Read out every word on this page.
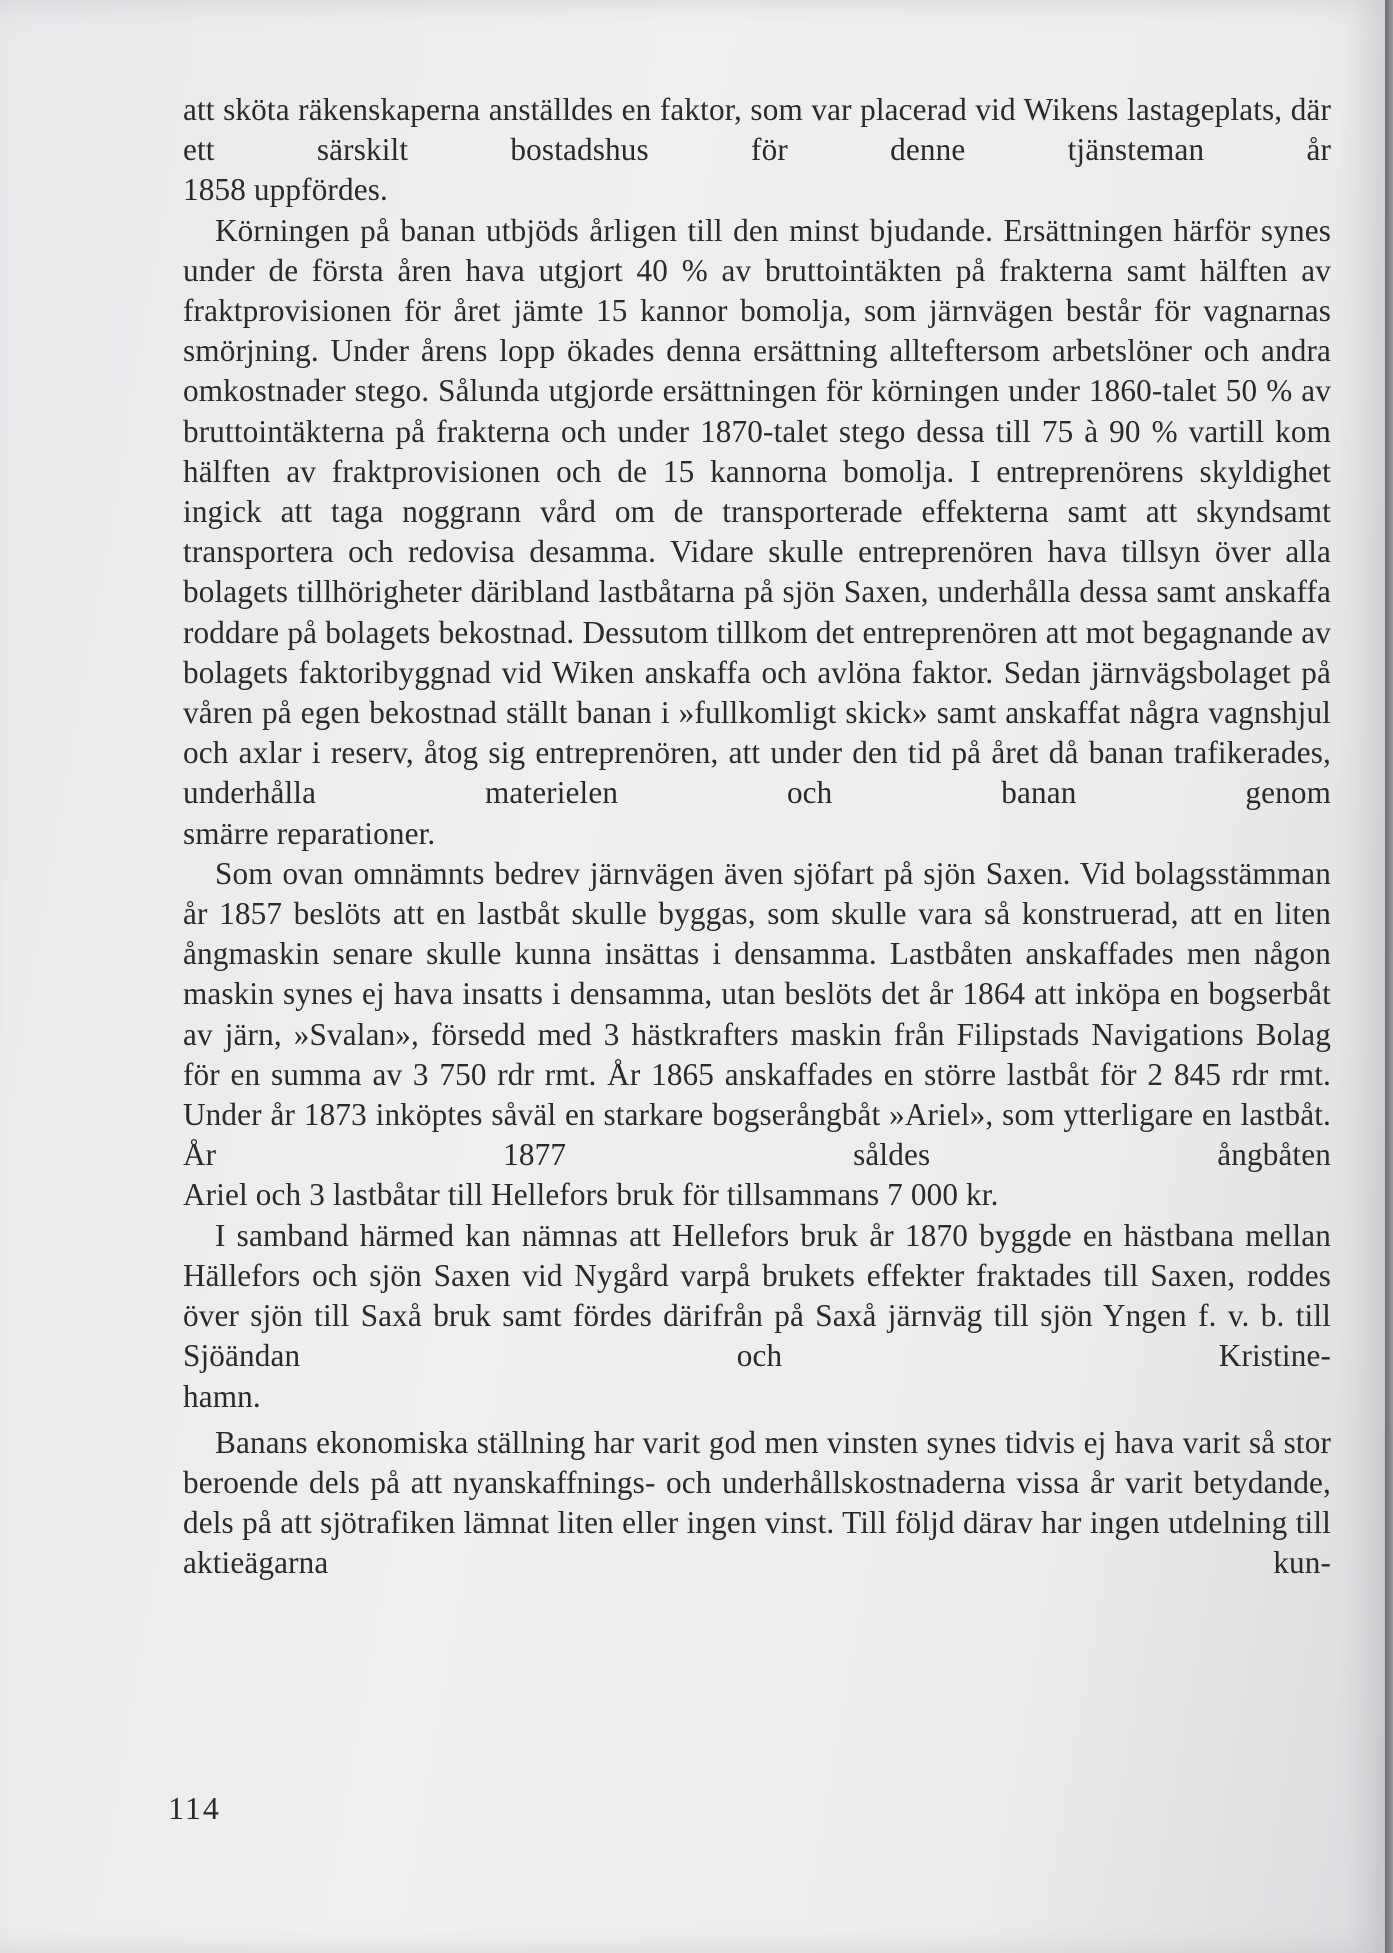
att sköta räkenskaperna anställdes en faktor, som var placerad vid Wikens lastageplats, där ett särskilt bostadshus för denne tjänsteman år
1858 uppfördes.

Körningen på banan utbjöds årligen till den minst bjudande. Ersättningen härför synes under de första åren hava utgjort 40 % av bruttointäkten på frakterna samt hälften av fraktprovisionen för året jämte 15 kannor bomolja, som järnvägen består för vagnarnas smörjning. Under årens lopp ökades denna ersättning allteftersom arbetslöner och andra omkostnader stego. Sålunda utgjorde ersättningen för körningen under 1860-talet 50 % av bruttointäkterna på frakterna och under 1870-talet stego dessa till 75 à 90 % vartill kom hälften av fraktprovisionen och de 15 kannorna bomolja. I entreprenörens skyldighet ingick att taga noggrann vård om de transporterade effekterna samt att skyndsamt transportera och redovisa desamma. Vidare skulle entreprenören hava tillsyn över alla bolagets tillhörigheter däribland lastbåtarna på sjön Saxen, underhålla dessa samt anskaffa roddare på bolagets bekostnad. Dessutom tillkom det entreprenören att mot begagnande av bolagets faktoribyggnad vid Wiken anskaffa och avlöna faktor. Sedan järnvägsbolaget på våren på egen bekostnad ställt banan i »fullkomligt skick» samt anskaffat några vagnshjul och axlar i reserv, åtog sig entreprenören, att under den tid på året då banan trafikerades, underhålla materielen och banan genom
smärre reparationer.

Som ovan omnämnts bedrev järnvägen även sjöfart på sjön Saxen. Vid bolagsstämman år 1857 beslöts att en lastbåt skulle byggas, som skulle vara så konstruerad, att en liten ångmaskin senare skulle kunna insättas i densamma. Lastbåten anskaffades men någon maskin synes ej hava insatts i densamma, utan beslöts det år 1864 att inköpa en bogserbåt av järn, »Svalan», försedd med 3 hästkrafters maskin från Filipstads Navigations Bolag för en summa av 3 750 rdr rmt. År 1865 anskaffades en större lastbåt för 2 845 rdr rmt. Under år 1873 inköptes såväl en starkare bogserångbåt »Ariel», som ytterligare en lastbåt. År 1877 såldes ångbåten
Ariel och 3 lastbåtar till Hellefors bruk för tillsammans 7 000 kr.

I samband härmed kan nämnas att Hellefors bruk år 1870 byggde en hästbana mellan Hällefors och sjön Saxen vid Nygård varpå brukets effekter fraktades till Saxen, roddes över sjön till Saxå bruk samt fördes därifrån på Saxå järnväg till sjön Yngen f. v. b. till Sjöändan och Kristine-
hamn.

Banans ekonomiska ställning har varit god men vinsten synes tidvis ej hava varit så stor beroende dels på att nyanskaffnings- och underhållskostnaderna vissa år varit betydande, dels på att sjötrafiken lämnat liten eller ingen vinst. Till följd därav har ingen utdelning till aktieägarna kun-

114
